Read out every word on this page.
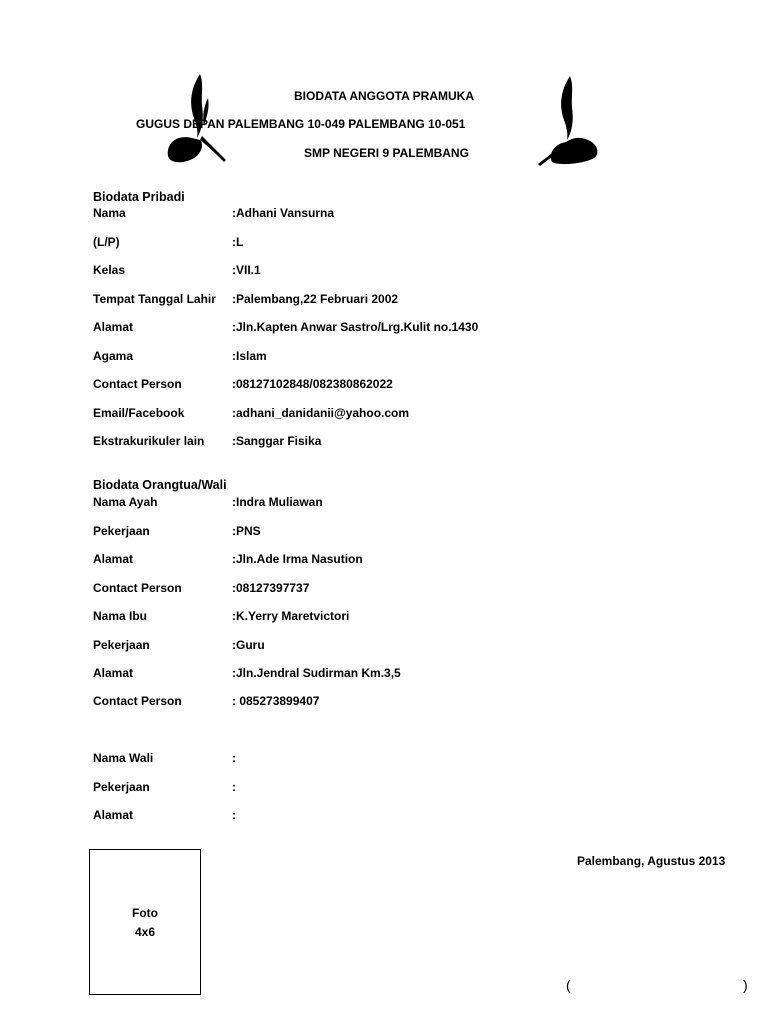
BIODATA ANGGOTA PRAMUKA
GUGUS DEPAN PALEMBANG 10-049 PALEMBANG 10-051
SMP NEGERI 9 PALEMBANG
Biodata Pribadi
Nama	:Adhani Vansurna
(L/P)	:L
Kelas	:VII.1
Tempat Tanggal Lahir :Palembang,22 Februari 2002
Alamat	:Jln.Kapten Anwar Sastro/Lrg.Kulit no.1430
Agama	:Islam
Contact Person	:08127102848/082380862022
Email/Facebook	:adhani_danidanii@yahoo.com
Ekstrakurikuler lain :Sanggar Fisika
Biodata Orangtua/Wali
Nama Ayah	:Indra Muliawan
Pekerjaan	:PNS
Alamat	:Jln.Ade Irma Nasution
Contact Person	:08127397737
Nama Ibu	:K.Yerry Maretvictori
Pekerjaan	:Guru
Alamat	:Jln.Jendral Sudirman Km.3,5
Contact Person	: 085273899407
Nama Wali	:
Pekerjaan	:
Alamat	:
Foto
4x6
Palembang, Agustus 2013
(	)
